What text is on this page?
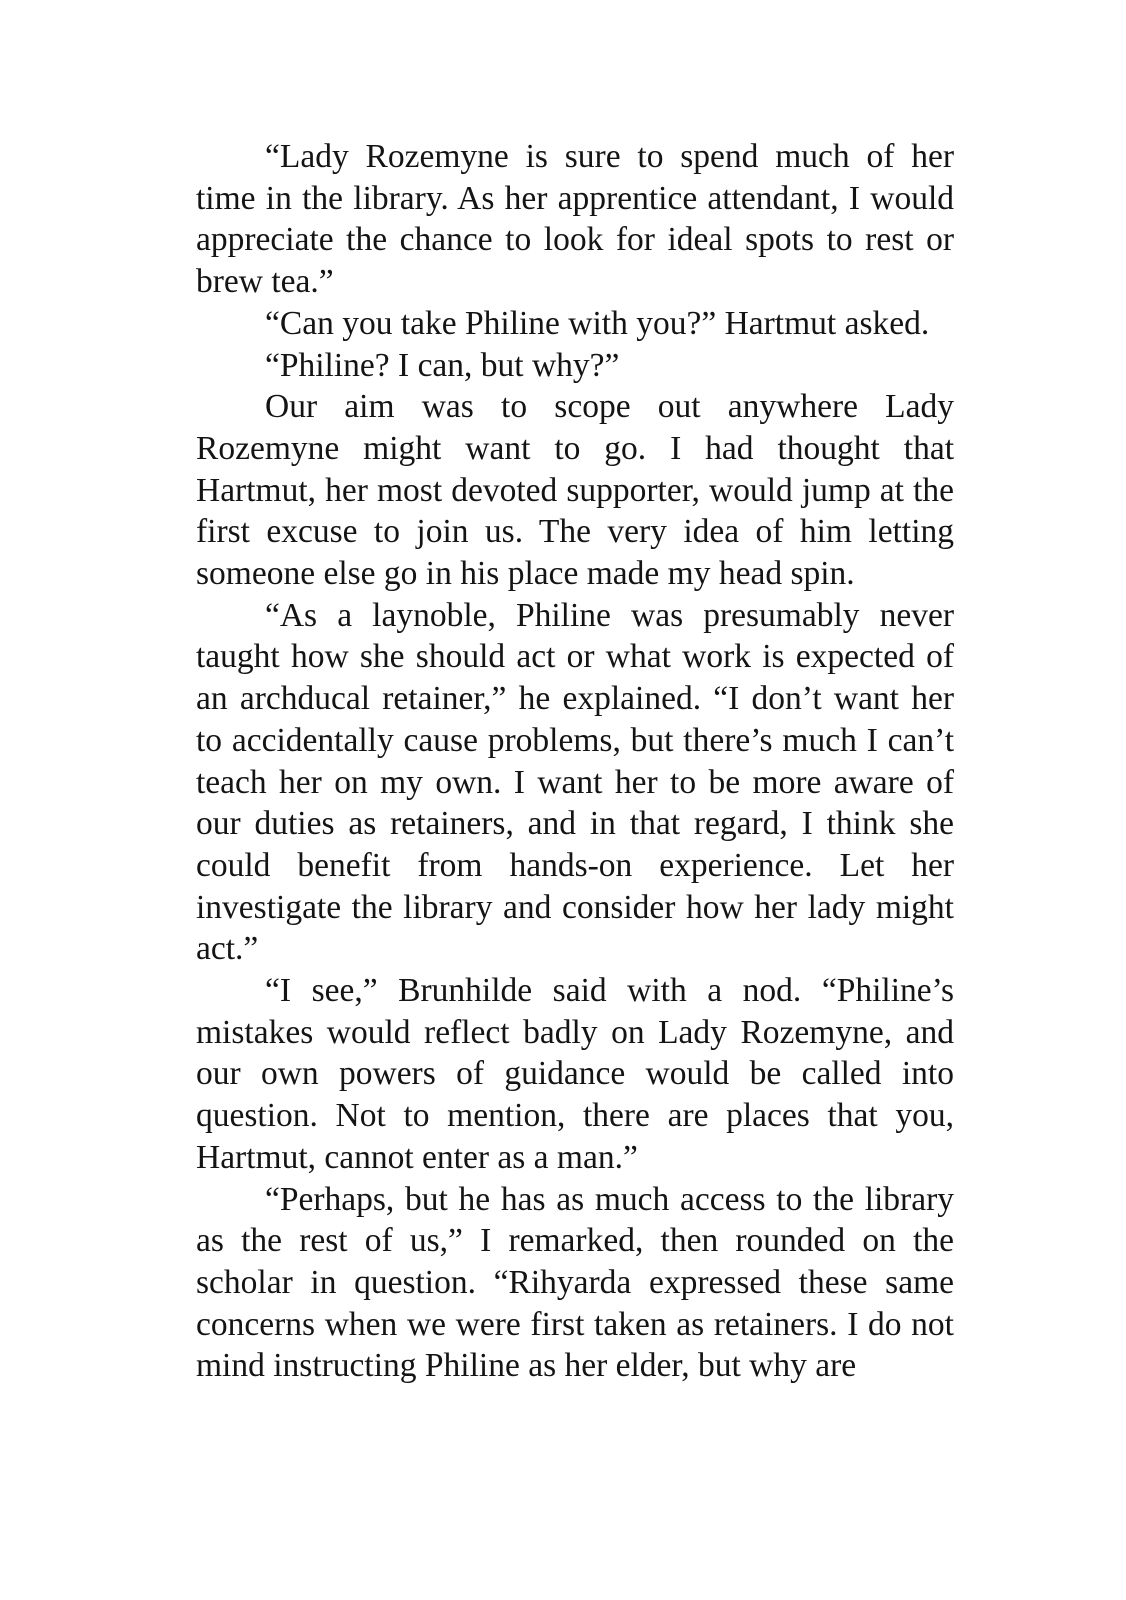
“Lady Rozemyne is sure to spend much of her time in the library. As her apprentice attendant, I would appreciate the chance to look for ideal spots to rest or brew tea.”

“Can you take Philine with you?” Hartmut asked.

“Philine? I can, but why?”

Our aim was to scope out anywhere Lady Rozemyne might want to go. I had thought that Hartmut, her most devoted supporter, would jump at the first excuse to join us. The very idea of him letting someone else go in his place made my head spin.

“As a laynoble, Philine was presumably never taught how she should act or what work is expected of an archducal retainer,” he explained. “I don’t want her to accidentally cause problems, but there’s much I can’t teach her on my own. I want her to be more aware of our duties as retainers, and in that regard, I think she could benefit from hands-on experience. Let her investigate the library and consider how her lady might act.”

“I see,” Brunhilde said with a nod. “Philine’s mistakes would reflect badly on Lady Rozemyne, and our own powers of guidance would be called into question. Not to mention, there are places that you, Hartmut, cannot enter as a man.”

“Perhaps, but he has as much access to the library as the rest of us,” I remarked, then rounded on the scholar in question. “Rihyarda expressed these same concerns when we were first taken as retainers. I do not mind instructing Philine as her elder, but why are
